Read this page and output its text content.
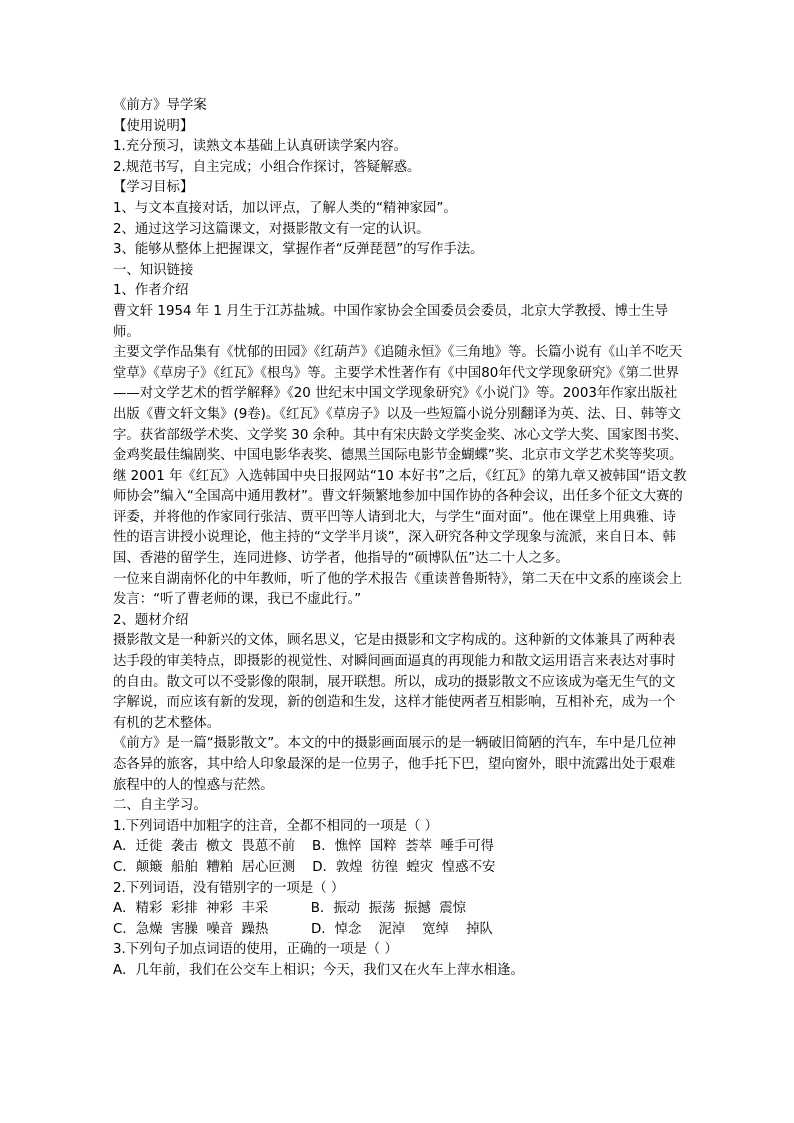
《前方》导学案

【使用说明】

1.充分预习，读熟文本基础上认真研读学案内容。

2.规范书写，自主完成；小组合作探讨，答疑解惑。

【学习目标】

1、与文本直接对话，加以评点，了解人类的“精神家园”。

2、通过这学习这篇课文，对摄影散文有一定的认识。

3、能够从整体上把握课文，掌握作者“反弹琵琶”的写作手法。

一、知识链接

1、作者介绍

曹文轩 1954 年 1 月生于江苏盐城。中国作家协会全国委员会委员，北京大学教授、博士生导师。

主要文学作品集有《忧郁的田园》《红葫芦》《追随永恒》《三角地》等。长篇小说有《山羊不吃天堂草》《草房子》《红瓦》《根鸟》等。主要学术性著作有《中国80年代文学现象研究》《第二世界——对文学艺术的哲学解释》《20 世纪末中国文学现象研究》《小说门》等。2003年作家出版社出版《曹文轩文集》(9卷)。《红瓦》《草房子》以及一些短篇小说分别翻译为英、法、日、韩等文字。获省部级学术奖、文学奖 30 余种。其中有宋庆龄文学奖金奖、冰心文学大奖、国家图书奖、金鸡奖最佳编剧奖、中国电影华表奖、德黑兰国际电影节金蝴蝶”奖、北京市文学艺术奖等奖项。

继 2001 年《红瓦》入选韩国中央日报网站“10 本好书”之后，《红瓦》的第九章又被韩国“语文教师协会”编入“全国高中通用教材”。曹文轩频繁地参加中国作协的各种会议，出任多个征文大赛的评委，并将他的作家同行张洁、贾平凹等人请到北大，与学生“面对面”。他在课堂上用典雅、诗性的语言讲授小说理论，他主持的“文学半月谈”，深入研究各种文学现象与流派，来自日本、韩国、香港的留学生，连同进修、访学者，他指导的“硕博队伍”达二十人之多。

一位来自湖南怀化的中年教师，听了他的学术报告《重读普鲁斯特》，第二天在中文系的座谈会上发言：“听了曹老师的课，我已不虚此行。”

2、题材介绍

摄影散文是一种新兴的文体，顾名思义，它是由摄影和文字构成的。这种新的文体兼具了两种表达手段的审美特点，即摄影的视觉性、对瞬间画面逼真的再现能力和散文运用语言来表达对事时的自由。散文可以不受影像的限制，展开联想。所以，成功的摄影散文不应该成为毫无生气的文字解说，而应该有新的发现，新的创造和生发，这样才能使两者互相影响，互相补充，成为一个有机的艺术整体。

《前方》是一篇“摄影散文”。本文的中的摄影画面展示的是一辆破旧简陋的汽车，车中是几位神态各异的旅客，其中给人印象最深的是一位男子，他手托下巴，望向窗外，眼中流露出处于艰难旅程中的人的惶惑与茫然。

二、自主学习。

1.下列词语中加粗字的注音，全都不相同的一项是（ ）

A．迁徙  袭击  檄文  畏葸不前    B．憔悴  国粹  荟萃  唾手可得

C．颠簸  船舶  糟粕  居心叵测    D．敦煌  彷徨  蝗灾  惶惑不安

2.下列词语，没有错别字的一项是（ ）

A．精彩  彩排  神彩  丰采          B．振动  振荡  振撼  震惊

C．急燥  害臊  噪音  躁热          D．悼念    泥淖    宽绰    掉队

3.下列句子加点词语的使用，正确的一项是（ ）

A．几年前，我们在公交车上相识；今天，我们又在火车上萍水相逢。
